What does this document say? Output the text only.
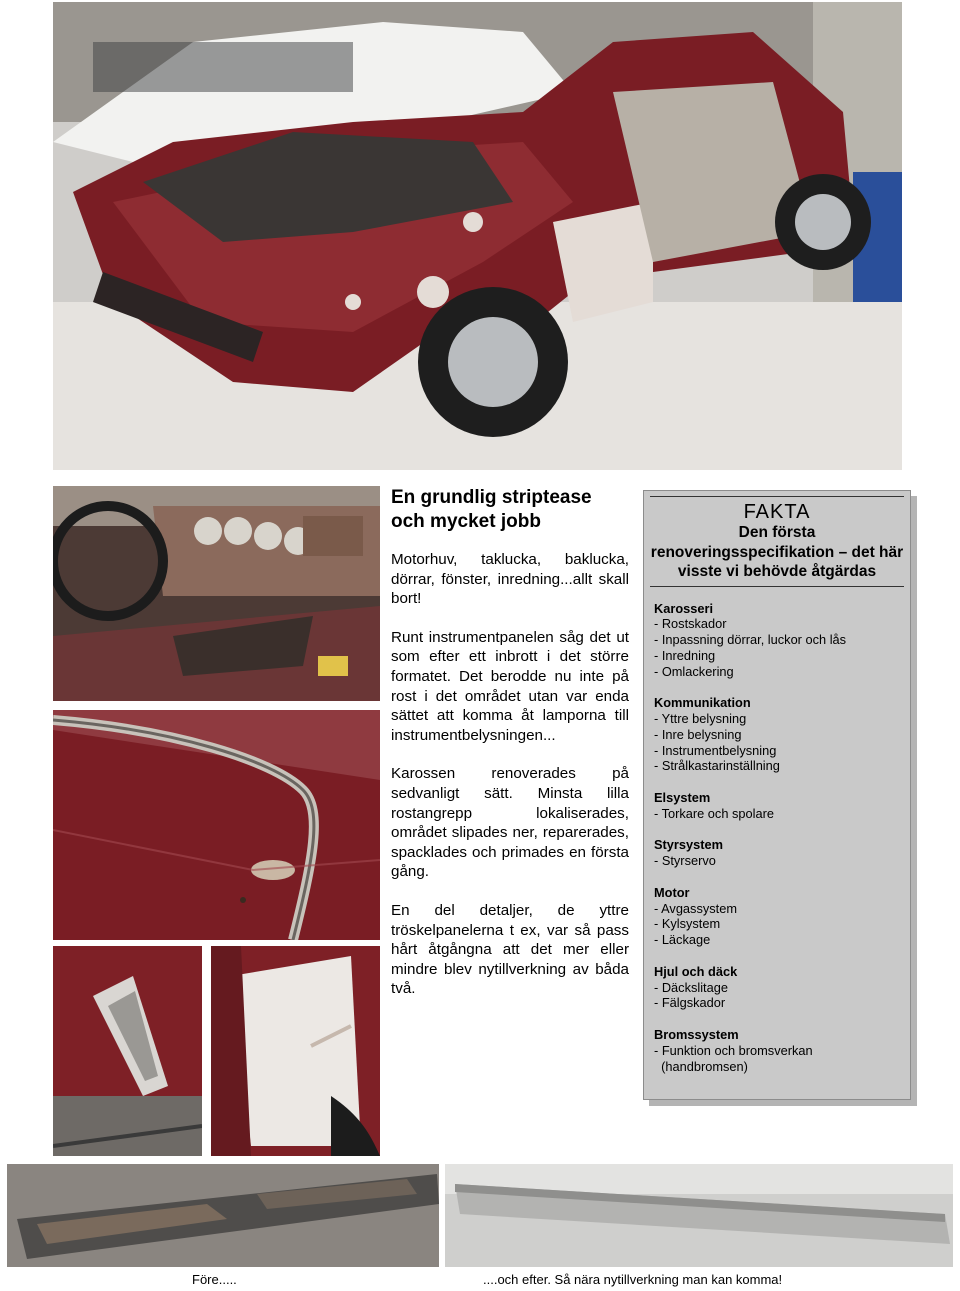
En grundlig striptease och mycket jobb

Motorhuv, taklucka, baklucka, dörrar, fönster, inredning...allt skall bort!

Runt instrumentpanelen såg det ut som efter ett inbrott i det större formatet. Det berodde nu inte på rost i det området utan var enda sättet att komma åt lamporna till instrumentbelysningen...

Karossen renoverades på sedvanligt sätt. Minsta lilla rostangrepp lokaliserades, området slipades ner, reparerades, spacklades och primades en första gång.

En del detaljer, de yttre tröskelpanelerna t ex, var så pass hårt åtgångna att det mer eller mindre blev nytillverkning av båda två.

FAKTA
Den första renoveringsspecifikation – det här visste vi behövde åtgärdas
Karosseri
- Rostskador
- Inpassning dörrar, luckor och lås
- Inredning
- Omlackering
Kommunikation
- Yttre belysning
- Inre belysning
- Instrumentbelysning
- Strålkastarinställning
Elsystem
- Torkare och spolare
Styrsystem
- Styrservo
Motor
- Avgassystem
- Kylsystem
- Läckage
Hjul och däck
- Däckslitage
- Fälgskador
Bromssystem
- Funktion och bromsverkan
(handbromsen)
Före.....	....och efter. Så nära nytillverkning man kan komma!
